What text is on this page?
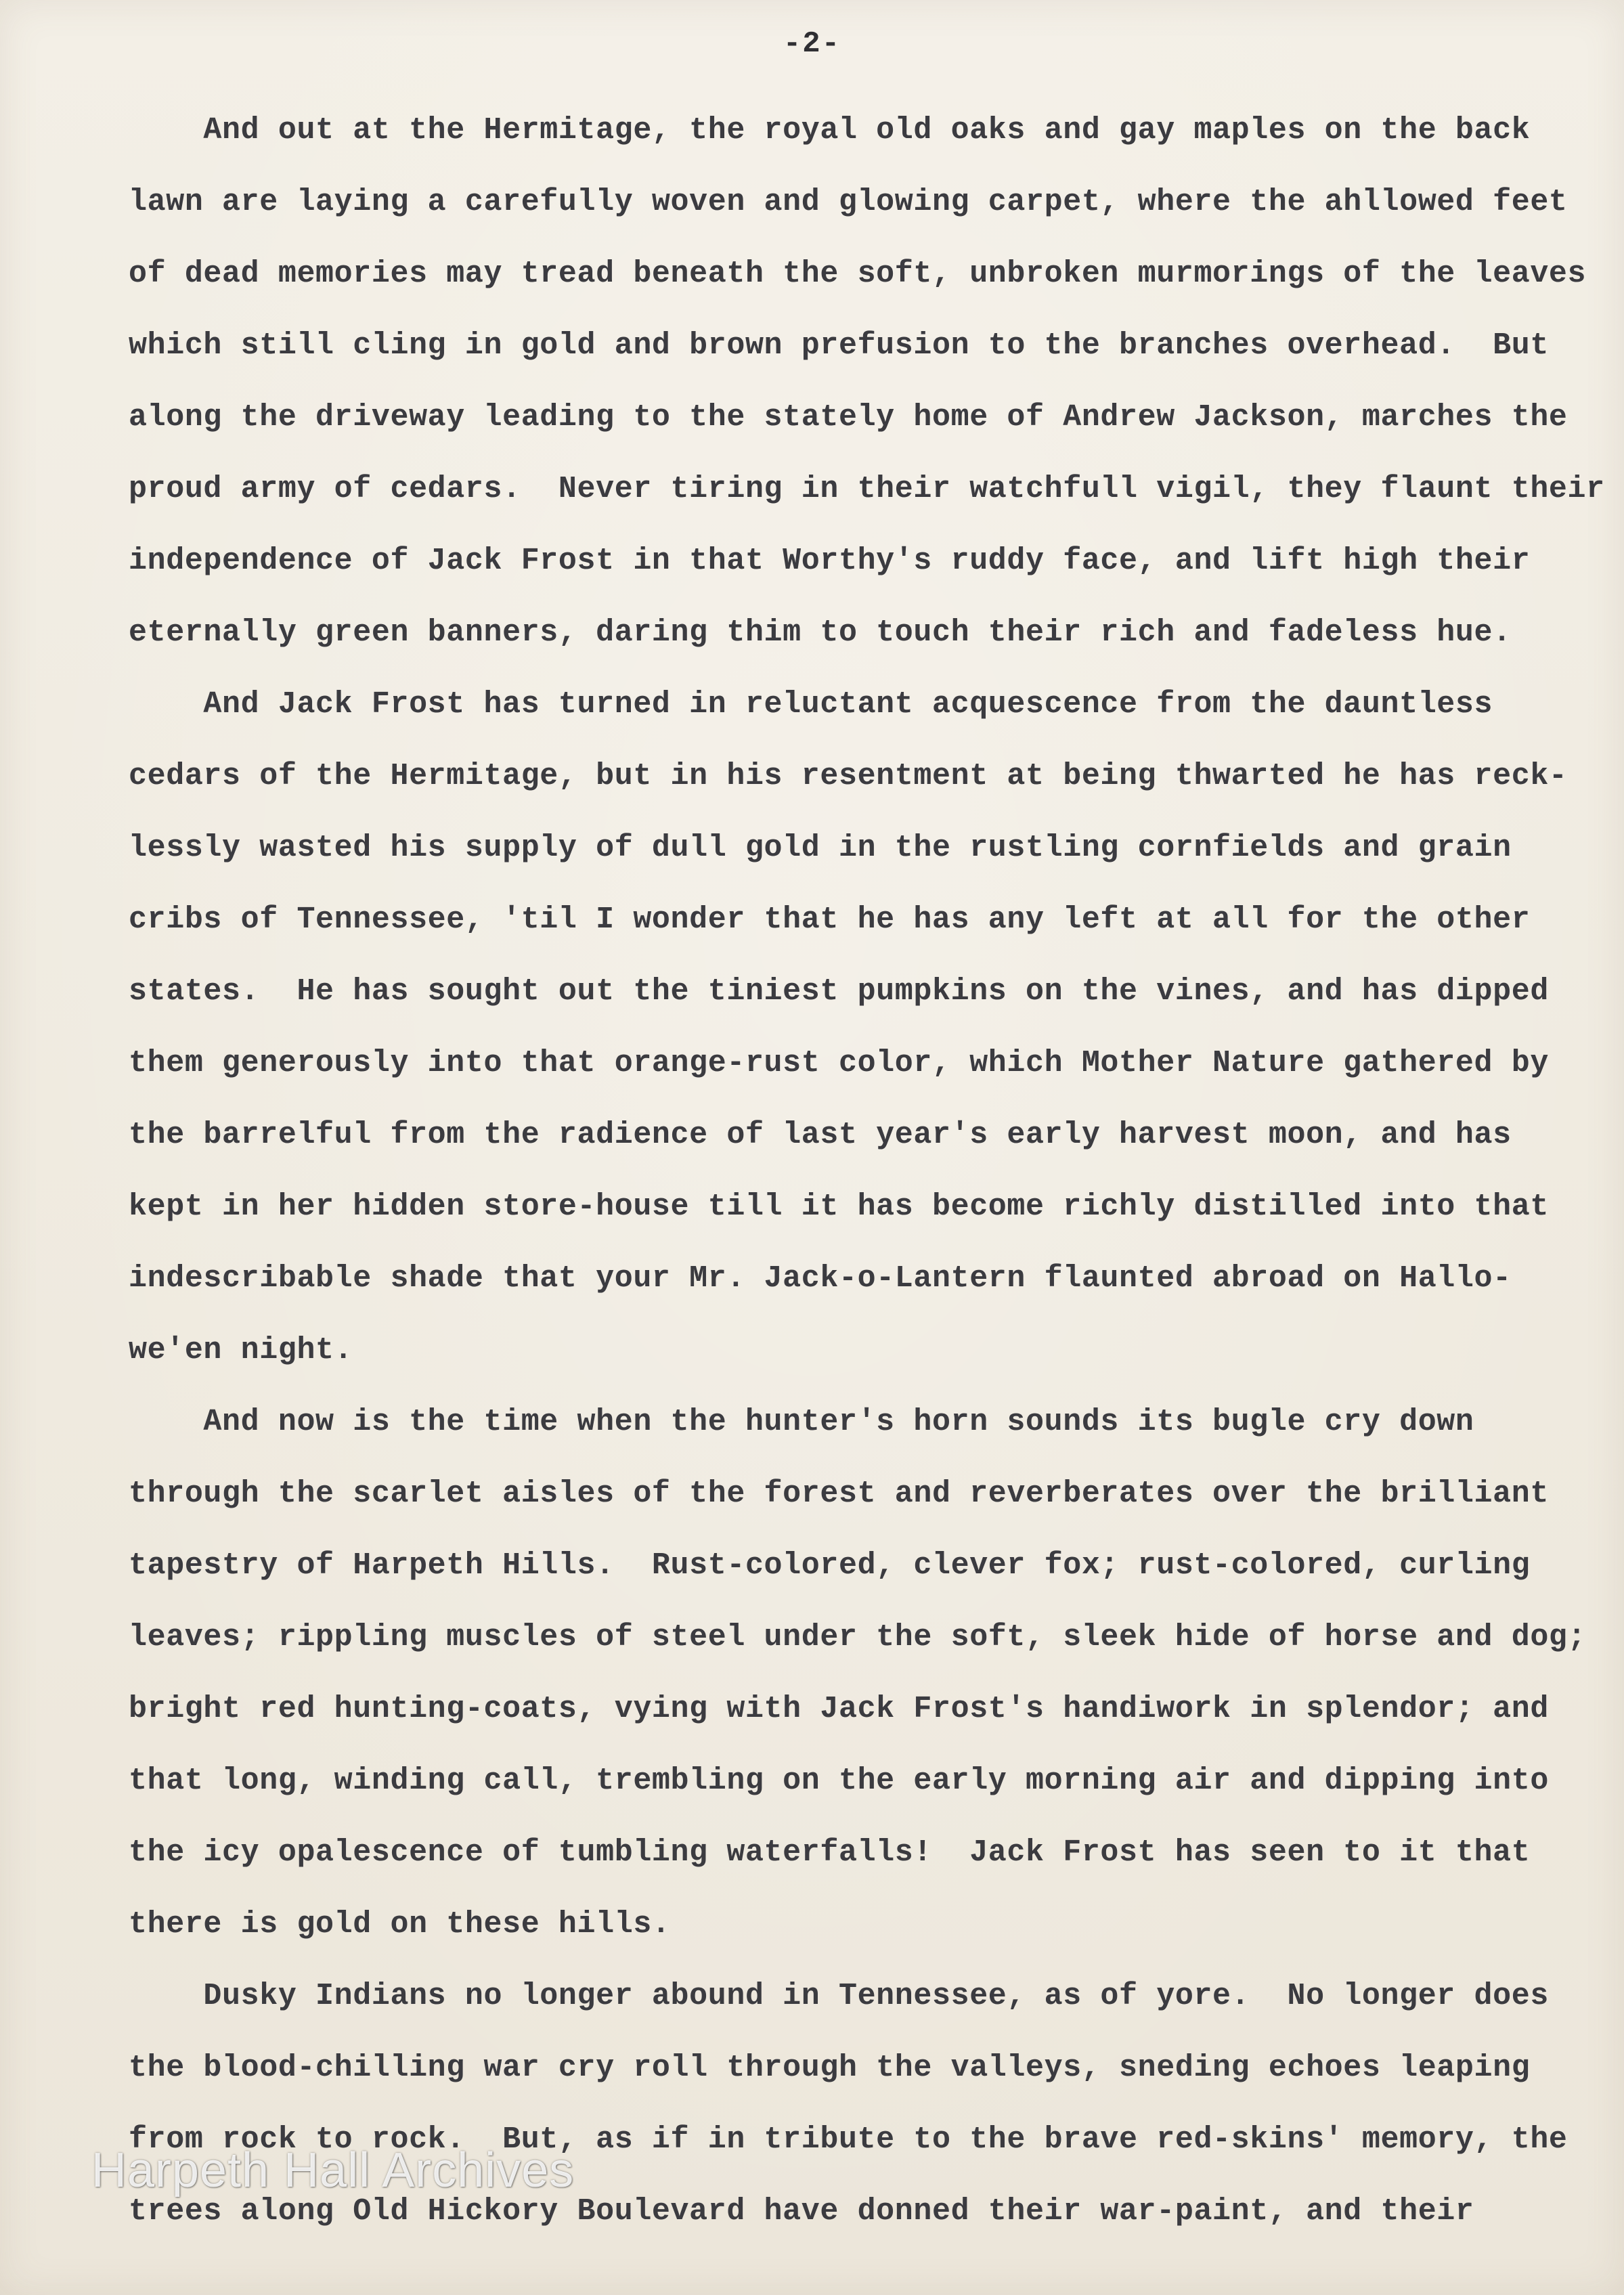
-2-
And out at the Hermitage, the royal old oaks and gay maples on the back
lawn are laying a carefully woven and glowing carpet, where the ahllowed feet
of dead memories may tread beneath the soft, unbroken murmorings of the leaves
which still cling in gold and brown prefusion to the branches overhead.  But
along the driveway leading to the stately home of Andrew Jackson, marches the
proud army of cedars.  Never tiring in their watchfull vigil, they flaunt their
independence of Jack Frost in that Worthy's ruddy face, and lift high their
eternally green banners, daring thim to touch their rich and fadeless hue.
And Jack Frost has turned in reluctant acquescence from the dauntless
cedars of the Hermitage, but in his resentment at being thwarted he has reck-
lessly wasted his supply of dull gold in the rustling cornfields and grain
cribs of Tennessee, 'til I wonder that he has any left at all for the other
states.  He has sought out the tiniest pumpkins on the vines, and has dipped
them generously into that orange-rust color, which Mother Nature gathered by
the barrelful from the radience of last year's early harvest moon, and has
kept in her hidden store-house till it has become richly distilled into that
indescribable shade that your Mr. Jack-o-Lantern flaunted abroad on Hallo-
we'en night.
And now is the time when the hunter's horn sounds its bugle cry down
through the scarlet aisles of the forest and reverberates over the brilliant
tapestry of Harpeth Hills.  Rust-colored, clever fox; rust-colored, curling
leaves; rippling muscles of steel under the soft, sleek hide of horse and dog;
bright red hunting-coats, vying with Jack Frost's handiwork in splendor; and
that long, winding call, trembling on the early morning air and dipping into
the icy opalescence of tumbling waterfalls!  Jack Frost has seen to it that
there is gold on these hills.
Dusky Indians no longer abound in Tennessee, as of yore.  No longer does
the blood-chilling war cry roll through the valleys, sneding echoes leaping
from rock to rock.  But, as if in tribute to the brave red-skins' memory, the
trees along Old Hickory Boulevard have donned their war-paint, and their
Harpeth Hall Archives
